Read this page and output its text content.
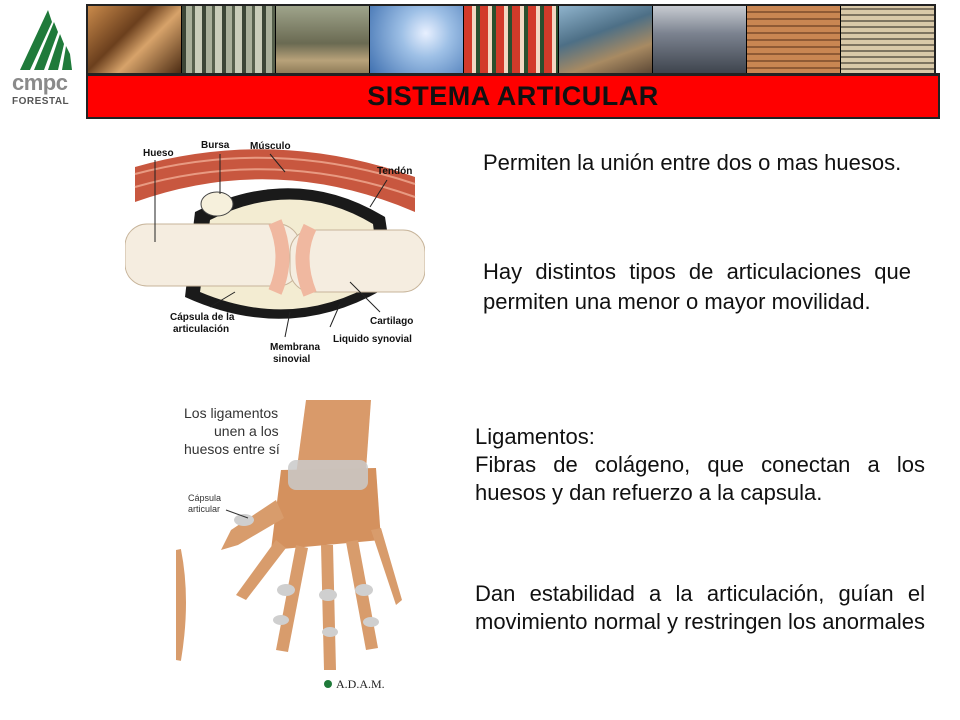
cmpc
FORESTAL	SISTEMA ARTICULAR
Hueso
Bursa Músculo
Tendón
Cápsula de la
articulación
Cartilago
Liquido synovial
Membrana
sinovial
Los ligamentos
unen a los
huesos entre sí
Cápsula
articular
A.D.A.M.
Permiten la unión entre dos o mas huesos.
Hay distintos tipos de articulaciones que permiten una menor o mayor movilidad.
Ligamentos:
Fibras de colágeno, que conectan a los huesos y dan refuerzo a la capsula.
Dan estabilidad a la articulación, guían el movimiento normal y restringen los anormales
